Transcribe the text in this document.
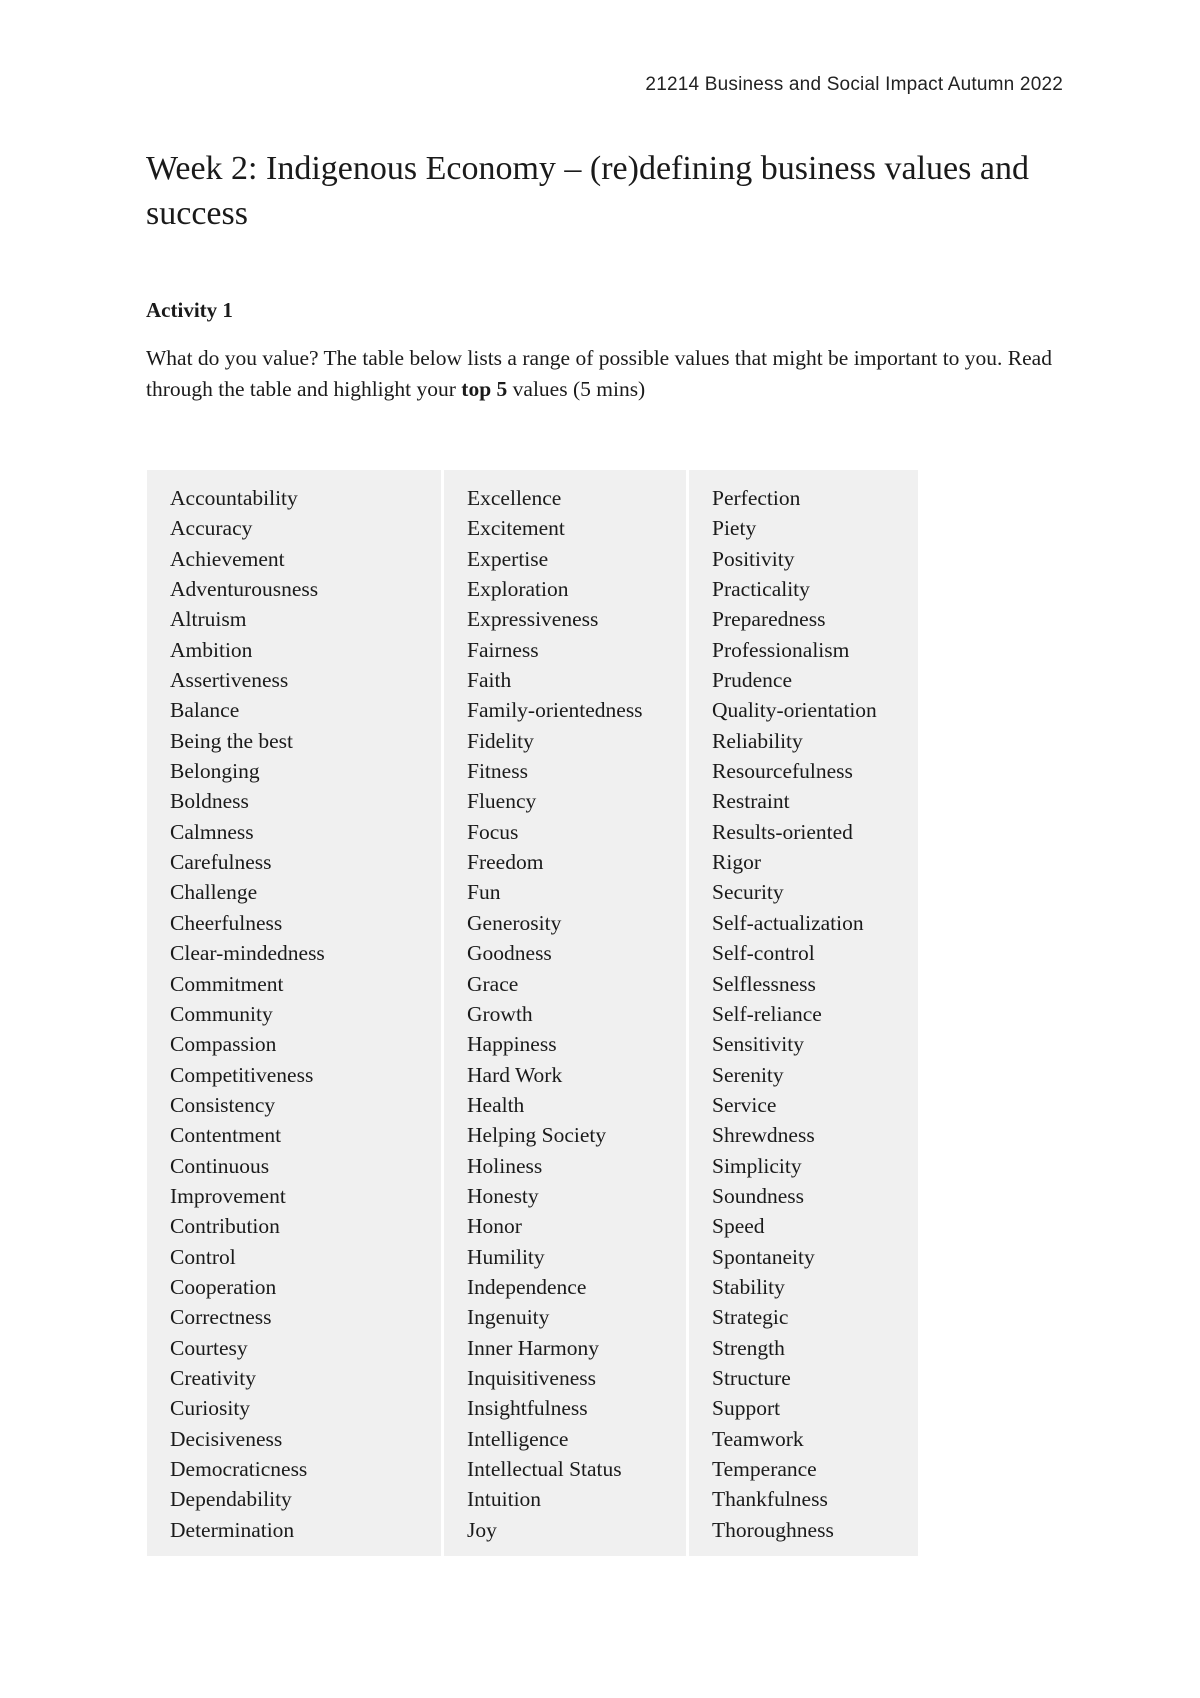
21214 Business and Social Impact Autumn 2022
Week 2: Indigenous Economy – (re)defining business values and success
Activity 1

What do you value? The table below lists a range of possible values that might be important to you. Read through the table and highlight your top 5 values (5 mins)

Accountability
Accuracy
Achievement
Adventurousness
Altruism
Ambition
Assertiveness
Balance
Being the best
Belonging
Boldness
Calmness
Carefulness
Challenge
Cheerfulness
Clear-mindedness
Commitment
Community
Compassion
Competitiveness
Consistency
Contentment
Continuous
Improvement
Contribution
Control
Cooperation
Correctness
Courtesy
Creativity
Curiosity
Decisiveness
Democraticness
Dependability
Determination
Excellence
Excitement
Expertise
Exploration
Expressiveness
Fairness
Faith
Family-orientedness
Fidelity
Fitness
Fluency
Focus
Freedom
Fun
Generosity
Goodness
Grace
Growth
Happiness
Hard Work
Health
Helping Society
Holiness
Honesty
Honor
Humility
Independence
Ingenuity
Inner Harmony
Inquisitiveness
Insightfulness
Intelligence
Intellectual Status
Intuition
Joy
Perfection
Piety
Positivity
Practicality
Preparedness
Professionalism
Prudence
Quality-orientation
Reliability
Resourcefulness
Restraint
Results-oriented
Rigor
Security
Self-actualization
Self-control
Selflessness
Self-reliance
Sensitivity
Serenity
Service
Shrewdness
Simplicity
Soundness
Speed
Spontaneity
Stability
Strategic
Strength
Structure
Support
Teamwork
Temperance
Thankfulness
Thoroughness
